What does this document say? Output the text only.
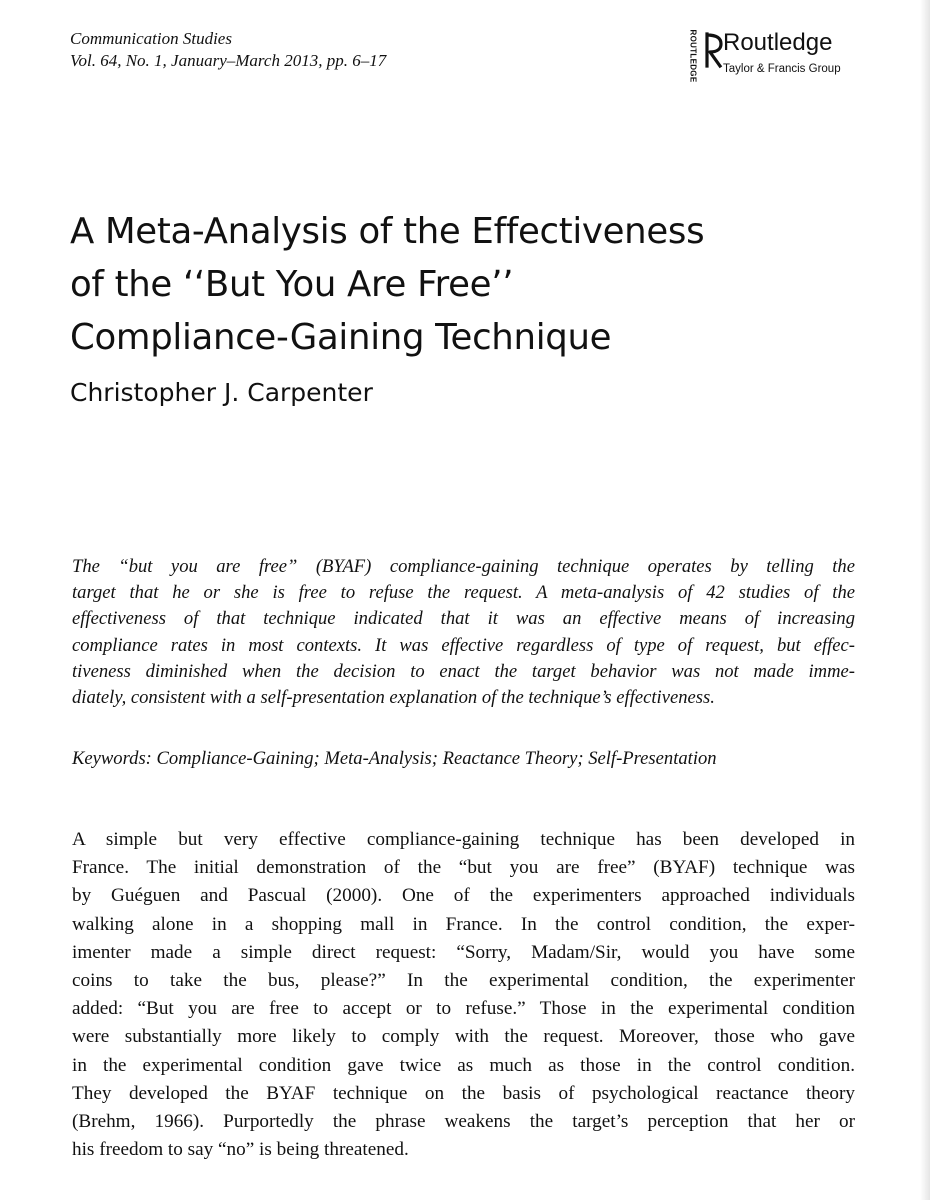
Communication Studies
Vol. 64, No. 1, January–March 2013, pp. 6–17	ROUTLEDGE Routledge
Taylor & Francis Group
A Meta-Analysis of the Effectiveness
of the ‘‘But You Are Free’’
Compliance-Gaining Technique
Christopher J. Carpenter
The “but you are free” (BYAF) compliance-gaining technique operates by telling the
target that he or she is free to refuse the request. A meta-analysis of 42 studies of the
effectiveness of that technique indicated that it was an effective means of increasing
compliance rates in most contexts. It was effective regardless of type of request, but effec-
tiveness diminished when the decision to enact the target behavior was not made imme-
diately, consistent with a self-presentation explanation of the technique’s effectiveness.
Keywords: Compliance-Gaining; Meta-Analysis; Reactance Theory; Self-Presentation
A simple but very effective compliance-gaining technique has been developed in
France. The initial demonstration of the “but you are free” (BYAF) technique was
by Guéguen and Pascual (2000). One of the experimenters approached individuals
walking alone in a shopping mall in France. In the control condition, the exper-
imenter made a simple direct request: “Sorry, Madam/Sir, would you have some
coins to take the bus, please?” In the experimental condition, the experimenter
added: “But you are free to accept or to refuse.” Those in the experimental condition
were substantially more likely to comply with the request. Moreover, those who gave
in the experimental condition gave twice as much as those in the control condition.
They developed the BYAF technique on the basis of psychological reactance theory
(Brehm, 1966). Purportedly the phrase weakens the target’s perception that her or
his freedom to say “no” is being threatened.
